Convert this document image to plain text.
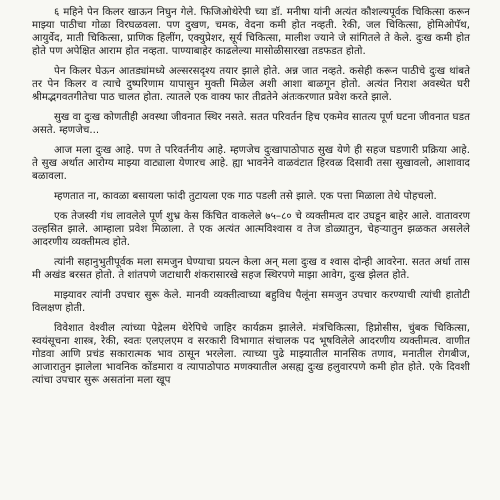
६ महिने पेन किलर खाऊन निघुन गेले. फिजिओथेरेपी च्या डॉ. मनीषा यांनी अत्यंत कौशल्यपूर्वक चिकित्सा करून माझ्या पाठीचा गोळा विरघळवला. पण दुखण, चमक, वेदना कमी होत नव्हती. रेकी, जल चिकित्सा, होमिओपॅथ, आयुर्वेद, माती चिकित्सा, प्राणिक हिलींग, एक्युप्रेशर, सूर्य चिकित्सा, मालीश ज्याने जे सांगितले ते केले. दुःख कमी होत होते पण अपेक्षित आराम होत नव्हता. पाण्याबाहेर काढलेल्या मासोळीसारखा तडफडत होतो.

पेन किलर घेऊन आतड्यांमध्ये अल्सरसदृश्य तयार झाले होते. अन्न जात नव्हते. कसेही करून पाठीचे दुःख थांबते तर पेन किलर व त्याचे दुष्परिणाम यापासुन मुक्ती मिळेल अशी आशा बाळगून होतो. अत्यंत निराश अवस्थेत घरी श्रीमद्भगवतगीतेचा पाठ चालत होता. त्यातले एक वाक्य फार तीव्रतेने अंतःकरणात प्रवेश करते झाले.

सुख वा दुःख कोणतीही अवस्था जीवनात स्थिर नसते. सतत परिवर्तन हिच एकमेव सातत्य पूर्ण घटना जीवनात घडत असते. म्हणजेच...

आज मला दुःख आहे. पण ते परिवर्तनीय आहे. म्हणजेच दुःखापाठोपाठ सुख येणे ही सहज घडणारी प्रक्रिया आहे. ते सुख अर्थात आरोग्य माझ्या वाट्याला येणारच आहे. ह्या भावनेने वाळवंटात हिरवळ दिसावी तसा सुखावलो, आशावाद बळावला.

म्हणतात ना, कावळा बसायला फांदी तुटायला एक गाठ पडली तसे झाले. एक पत्ता मिळाला तेथे पोहचलो.

एक तेजस्वी गंध लावलेले पूर्ण शुभ्र केस किंचित वाकलेले ७५–८० चे व्यक्तीमत्व दार उघडून बाहेर आले. वातावरण उल्हसित झाले. आम्हाला प्रवेश मिळाला. ते एक अत्यंत आत्मविश्वास व तेज डोळ्यातुन, चेहऱ्यातुन झळकत असलेले आदरणीय व्यक्तीमत्व होते.

त्यांनी सहानुभुतीपूर्वक मला समजुन घेण्याचा प्रयत्न केला अन् मला दुःख व श्वास दोन्ही आवरेना. सतत अर्धा तास मी अखंड बरसत होतो. ते शांतपणे जटाधारी शंकरासारखे सहज स्थिरपणे माझा आवेग, दुःख झेलत होते.

माझ्यावर त्यांनी उपचार सुरू केले. मानवी व्यक्तीत्वाच्या बहुविध पैलूंना समजुन उपचार करण्याची त्यांची हातोटी विलक्षण होती.

विवेशात वेश्वील त्यांच्या पेद्रेलम थेरेपिचे जाहिर कार्यक्रम झालेले. मंत्रचिकित्सा, हिप्नोसीस, चुंबक चिकित्सा, स्वयंसूचना शास्त्र, रेकी, स्वतः एलएलएम व सरकारी विभागात संचालक पद भूषविलेले आदरणीय व्यक्तीमत्व. वाणीत गोडवा आणि प्रचंड सकारात्मक भाव ठासून भरलेला. त्याच्या पुढे माझ्यातील मानसिक तणाव, मनातील रोगबीज, आजारातुन झालेला भावनिक कोंडमारा व त्यापाठोपाठ मणक्यातील असह्य दुःख हलुवारपणे कमी होत होते. एके दिवशी त्यांचा उपचार सुरू असतांना मला खूप
